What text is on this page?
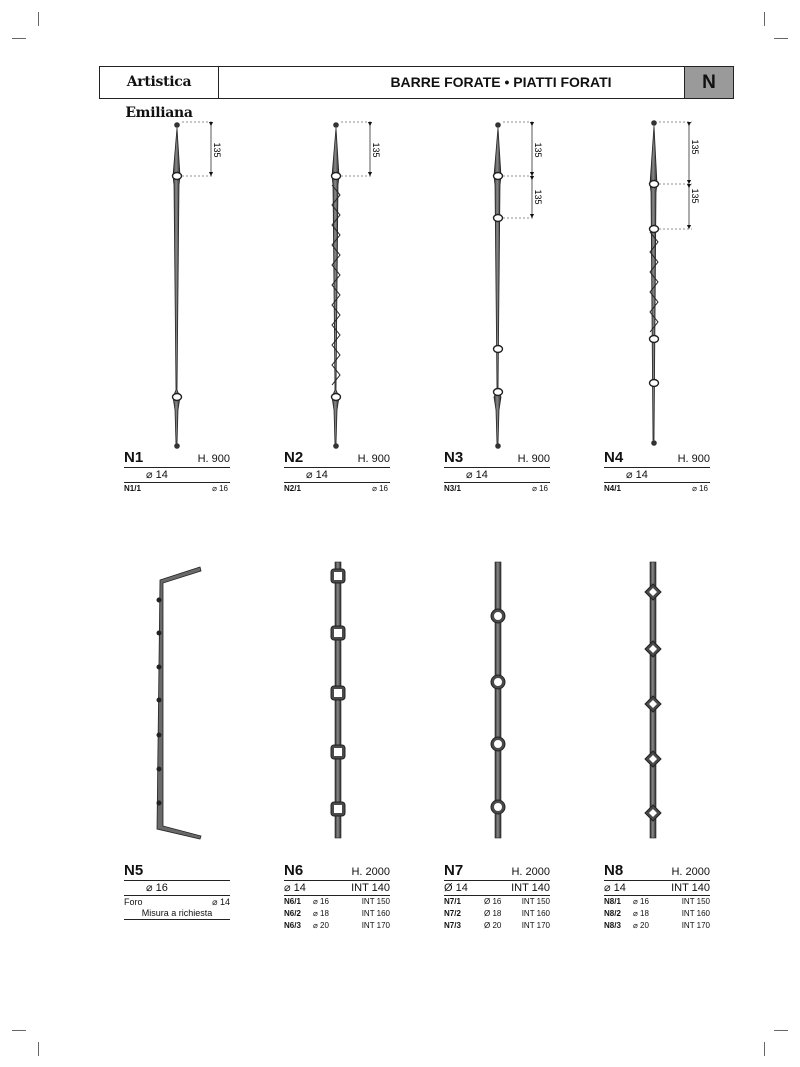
Artistica Emiliana
BARRE FORATE • PIATTI FORATI	N
135	135	135
135
135
135
N1	H. 900
⌀ 14
N1/1	⌀ 16
N2	H. 900
⌀ 14
N2/1	⌀ 16
N3	H. 900
⌀ 14
N3/1	⌀ 16
N4	H. 900
⌀ 14
N4/1	⌀ 16
N5
⌀ 16
Foro	⌀ 14
Misura a richiesta
N6	H. 2000
⌀ 14	INT 140
N6/1 ⌀ 16	INT 150
N6/2 ⌀ 18	INT 160
N6/3 ⌀ 20	INT 170
N7	H. 2000
Ø 14	INT 140
N7/1	Ø 16	INT 150
N7/2	Ø 18	INT 160
N7/3	Ø 20	INT 170
N8	H. 2000
⌀ 14	INT 140
N8/1 ⌀ 16	INT 150
N8/2 ⌀ 18	INT 160
N8/3 ⌀ 20	INT 170
